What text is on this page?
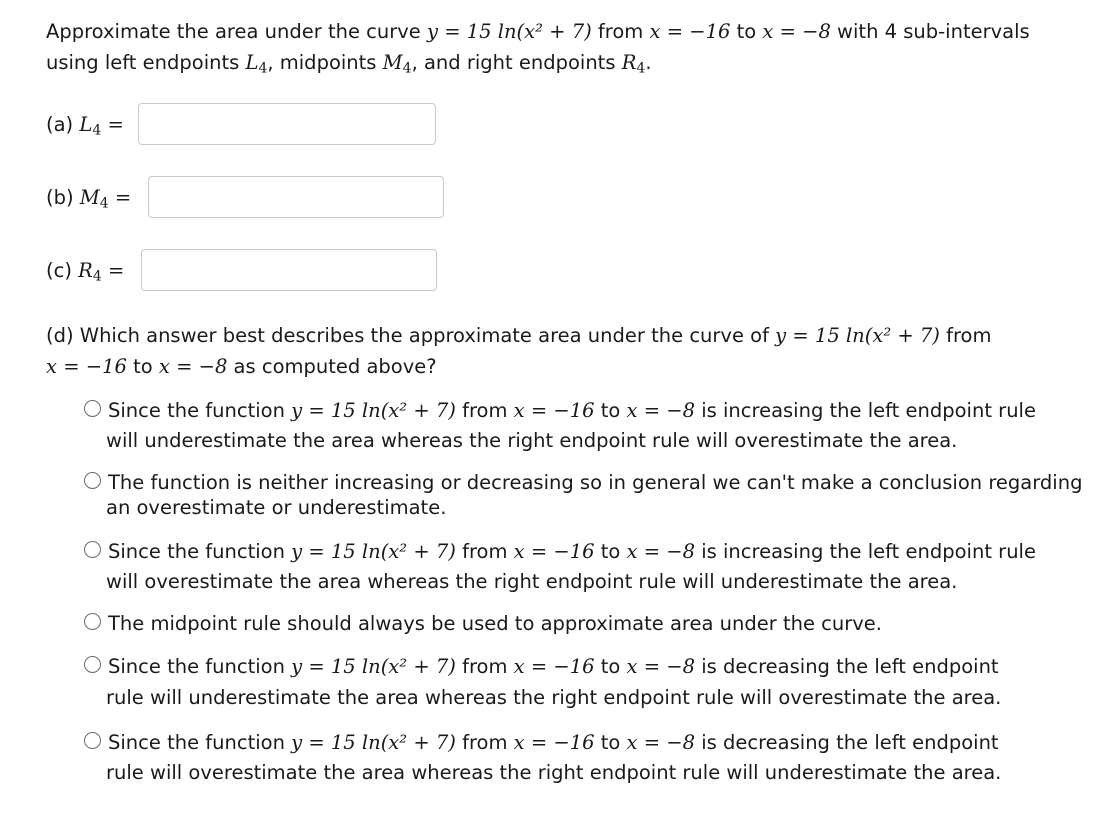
Approximate the area under the curve y = 15 ln(x² + 7) from x = −16 to x = −8 with 4 sub-intervals
using left endpoints $L_4$, midpoints $M_4$, and right endpoints $R_4$.
(a) $L_4$ =
(b) $M_4$ =
(c) $R_4$ =
(d) Which answer best describes the approximate area under the curve of y = 15 ln(x² + 7) from
x = −16 to x = −8 as computed above?
Since the function y = 15 ln(x² + 7) from x = −16 to x = −8 is increasing the left endpoint rule
will underestimate the area whereas the right endpoint rule will overestimate the area.
The function is neither increasing or decreasing so in general we can't make a conclusion regarding
an overestimate or underestimate.
Since the function y = 15 ln(x² + 7) from x = −16 to x = −8 is increasing the left endpoint rule
will overestimate the area whereas the right endpoint rule will underestimate the area.
The midpoint rule should always be used to approximate area under the curve.
Since the function y = 15 ln(x² + 7) from x = −16 to x = −8 is decreasing the left endpoint
rule will underestimate the area whereas the right endpoint rule will overestimate the area.
Since the function y = 15 ln(x² + 7) from x = −16 to x = −8 is decreasing the left endpoint
rule will overestimate the area whereas the right endpoint rule will underestimate the area.
